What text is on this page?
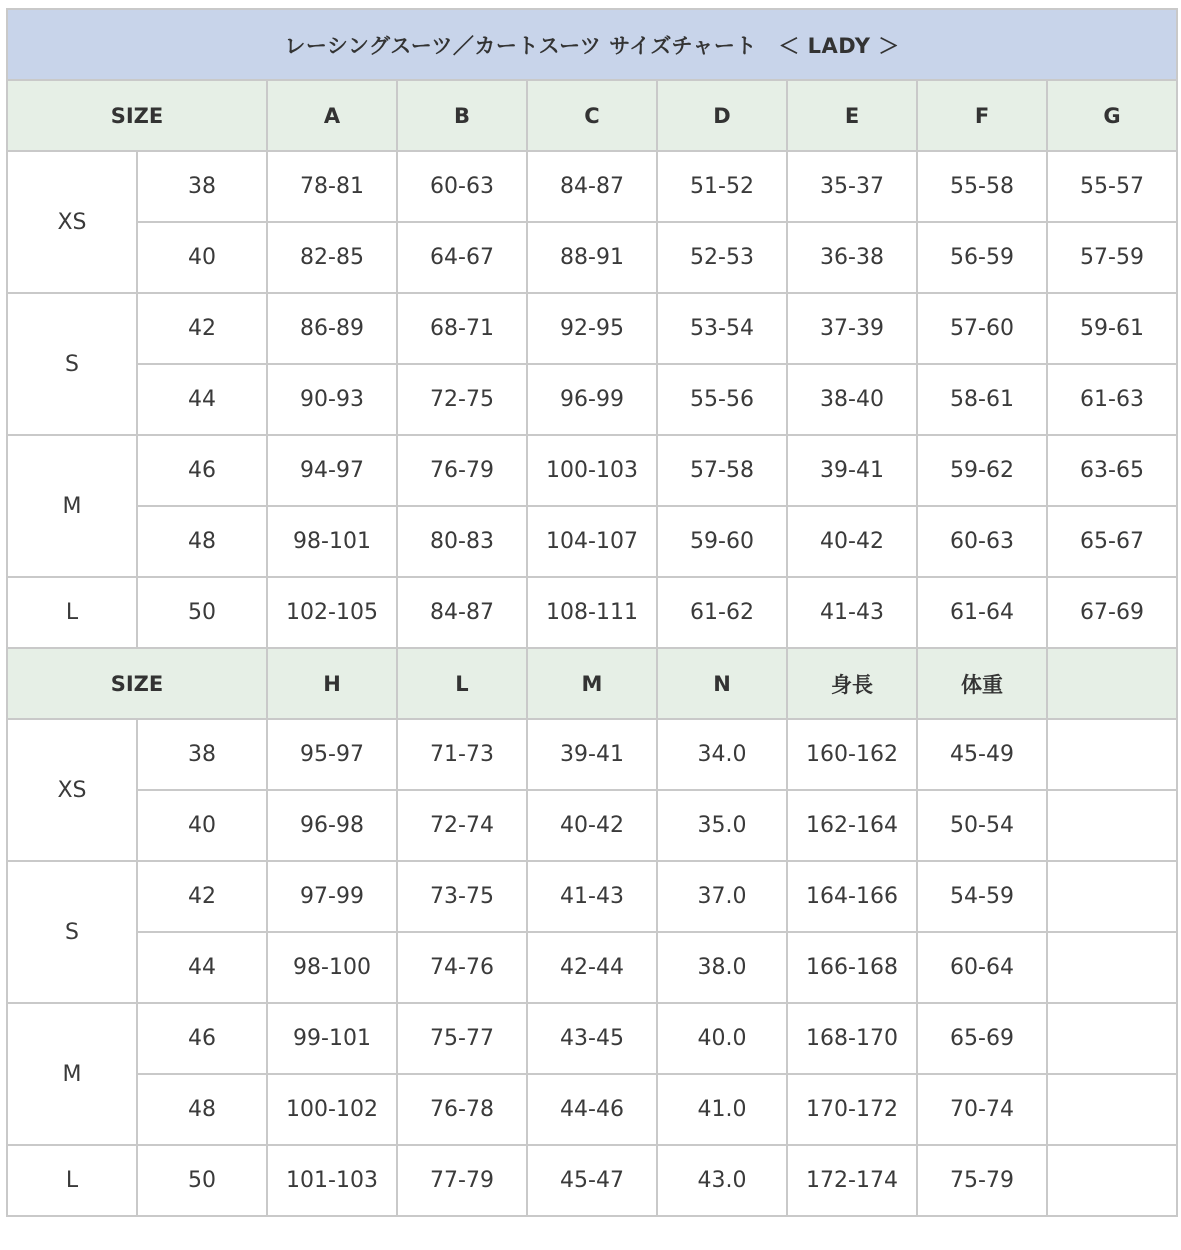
レーシングスーツ／カートスーツ サイズチャート　＜ LADY ＞								
SIZE		A	B	C	D	E	F	G
XS	38	78-81	60-63	84-87	51-52	35-37	55-58	55-57
	40	82-85	64-67	88-91	52-53	36-38	56-59	57-59
S	42	86-89	68-71	92-95	53-54	37-39	57-60	59-61
	44	90-93	72-75	96-99	55-56	38-40	58-61	61-63
M	46	94-97	76-79	100-103	57-58	39-41	59-62	63-65
	48	98-101	80-83	104-107	59-60	40-42	60-63	65-67
L	50	102-105	84-87	108-111	61-62	41-43	61-64	67-69
SIZE		H	L	M	N	身長	体重	
XS	38	95-97	71-73	39-41	34.0	160-162	45-49	
	40	96-98	72-74	40-42	35.0	162-164	50-54	
S	42	97-99	73-75	41-43	37.0	164-166	54-59	
	44	98-100	74-76	42-44	38.0	166-168	60-64	
M	46	99-101	75-77	43-45	40.0	168-170	65-69	
	48	100-102	76-78	44-46	41.0	170-172	70-74	
L	50	101-103	77-79	45-47	43.0	172-174	75-79	
